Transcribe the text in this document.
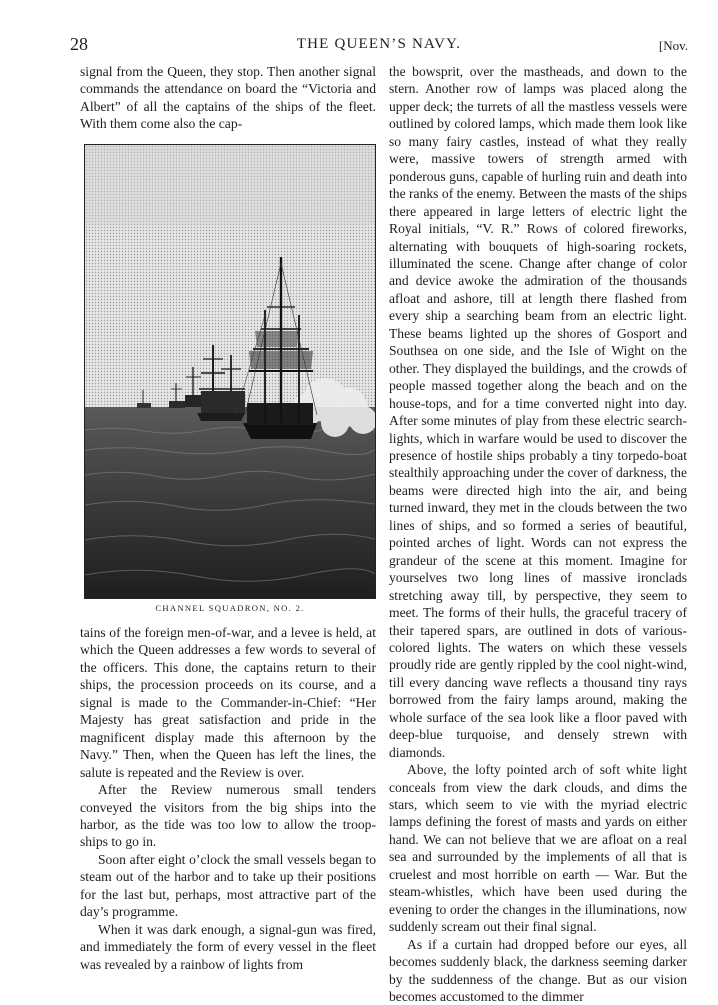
28	THE QUEEN’S NAVY.	[Nov.

signal from the Queen, they stop. Then another signal commands the attendance on board the “Victoria and Albert” of all the captains of the ships of the fleet. With them come also the cap-

CHANNEL SQUADRON, NO. 2.

tains of the foreign men-of-war, and a levee is held, at which the Queen addresses a few words to several of the officers. This done, the captains return to their ships, the procession proceeds on its course, and a signal is made to the Commander-in-Chief: “Her Majesty has great satisfaction and pride in the magnificent display made this afternoon by the Navy.” Then, when the Queen has left the lines, the salute is repeated and the Review is over.

After the Review numerous small tenders conveyed the visitors from the big ships into the harbor, as the tide was too low to allow the troop-ships to go in.

Soon after eight o’clock the small vessels began to steam out of the harbor and to take up their positions for the last but, perhaps, most attractive part of the day’s programme.

When it was dark enough, a signal-gun was fired, and immediately the form of every vessel in the fleet was revealed by a rainbow of lights from

the bowsprit, over the mastheads, and down to the stern. Another row of lamps was placed along the upper deck; the turrets of all the mastless vessels were outlined by colored lamps, which made them look like so many fairy castles, instead of what they really were, massive towers of strength armed with ponderous guns, capable of hurling ruin and death into the ranks of the enemy. Between the masts of the ships there appeared in large letters of electric light the Royal initials, “V. R.” Rows of colored fireworks, alternating with bouquets of high-soaring rockets, illuminated the scene. Change after change of color and device awoke the admiration of the thousands afloat and ashore, till at length there flashed from every ship a searching beam from an electric light. These beams lighted up the shores of Gosport and Southsea on one side, and the Isle of Wight on the other. They displayed the buildings, and the crowds of people massed together along the beach and on the house-tops, and for a time converted night into day. After some minutes of play from these electric search-lights, which in warfare would be used to discover the presence of hostile ships probably a tiny torpedo-boat stealthily approaching under the cover of darkness, the beams were directed high into the air, and being turned inward, they met in the clouds between the two lines of ships, and so formed a series of beautiful, pointed arches of light. Words can not express the grandeur of the scene at this moment. Imagine for yourselves two long lines of massive ironclads stretching away till, by perspective, they seem to meet. The forms of their hulls, the graceful tracery of their tapered spars, are outlined in dots of various-colored lights. The waters on which these vessels proudly ride are gently rippled by the cool night-wind, till every dancing wave reflects a thousand tiny rays borrowed from the fairy lamps around, making the whole surface of the sea look like a floor paved with deep-blue turquoise, and densely strewn with diamonds.

Above, the lofty pointed arch of soft white light conceals from view the dark clouds, and dims the stars, which seem to vie with the myriad electric lamps defining the forest of masts and yards on either hand. We can not believe that we are afloat on a real sea and surrounded by the implements of all that is cruelest and most horrible on earth — War. But the steam-whistles, which have been used during the evening to order the changes in the illuminations, now suddenly scream out their final signal.

As if a curtain had dropped before our eyes, all becomes suddenly black, the darkness seeming darker by the suddenness of the change. But as our vision becomes accustomed to the dimmer
